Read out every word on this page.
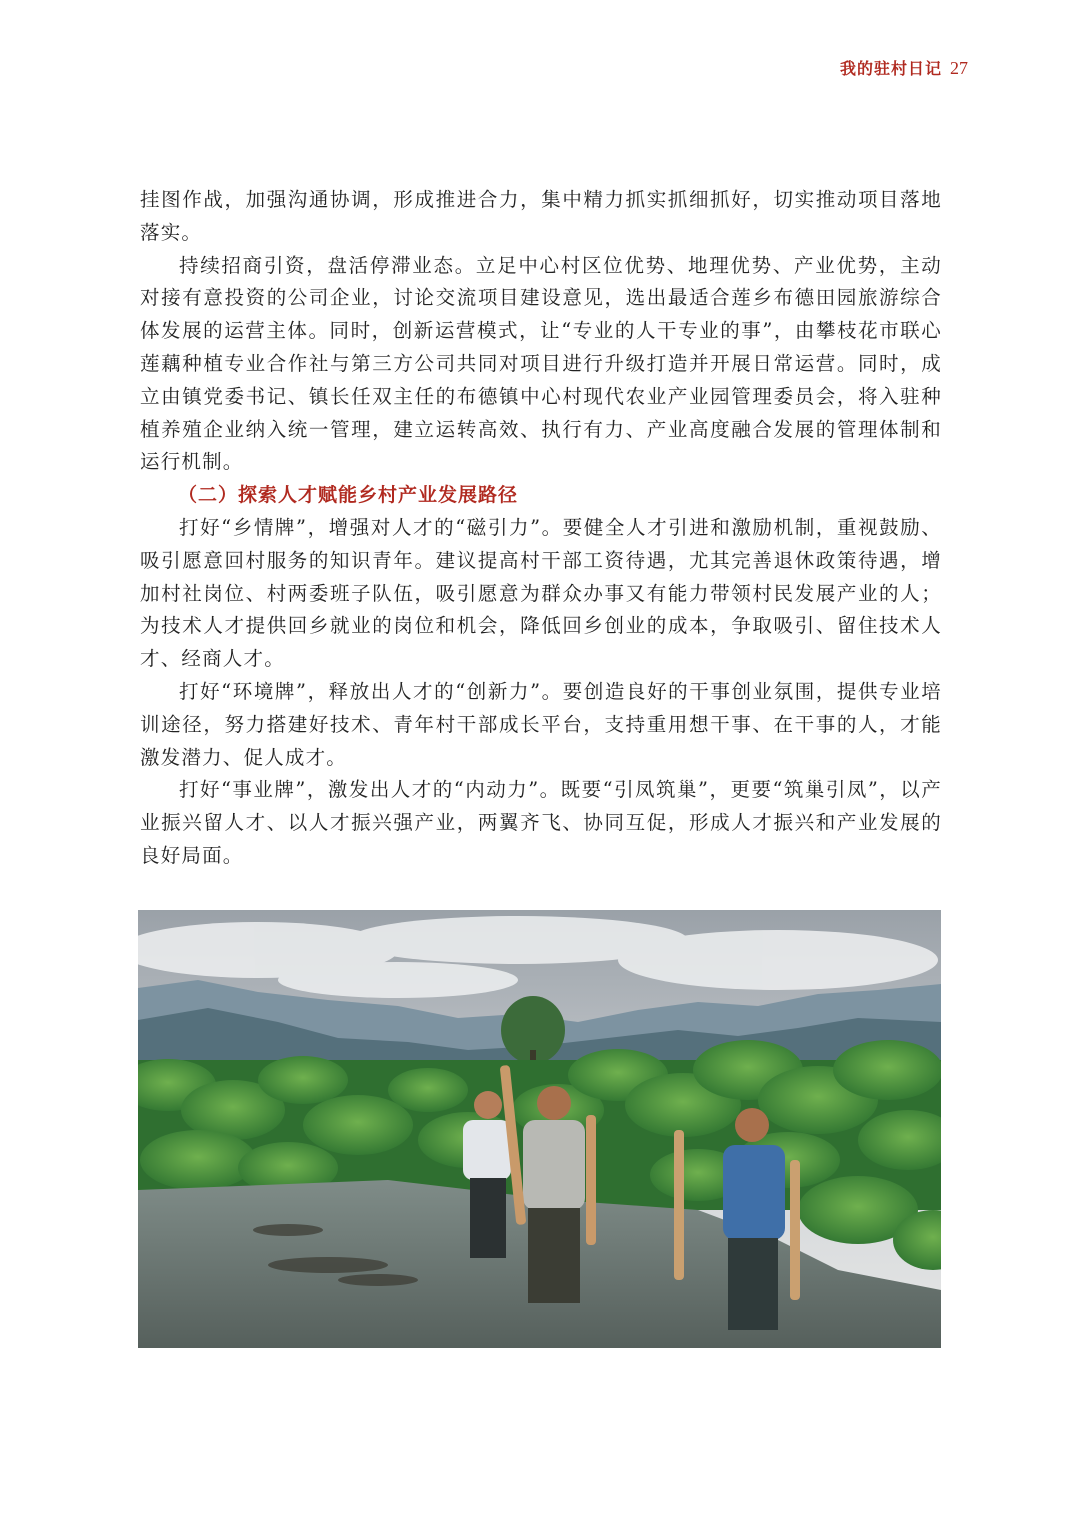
我的驻村日记 27

挂图作战，加强沟通协调，形成推进合力，集中精力抓实抓细抓好，切实推动项目落地落实。

持续招商引资，盘活停滞业态。立足中心村区位优势、地理优势、产业优势，主动对接有意投资的公司企业，讨论交流项目建设意见，选出最适合莲乡布德田园旅游综合体发展的运营主体。同时，创新运营模式，让“专业的人干专业的事”，由攀枝花市联心莲藕种植专业合作社与第三方公司共同对项目进行升级打造并开展日常运营。同时，成立由镇党委书记、镇长任双主任的布德镇中心村现代农业产业园管理委员会，将入驻种植养殖企业纳入统一管理，建立运转高效、执行有力、产业高度融合发展的管理体制和运行机制。

（二）探索人才赋能乡村产业发展路径

打好“乡情牌”，增强对人才的“磁引力”。要健全人才引进和激励机制，重视鼓励、吸引愿意回村服务的知识青年。建议提高村干部工资待遇，尤其完善退休政策待遇，增加村社岗位、村两委班子队伍，吸引愿意为群众办事又有能力带领村民发展产业的人；为技术人才提供回乡就业的岗位和机会，降低回乡创业的成本，争取吸引、留住技术人才、经商人才。

打好“环境牌”，释放出人才的“创新力”。要创造良好的干事创业氛围，提供专业培训途径，努力搭建好技术、青年村干部成长平台，支持重用想干事、在干事的人，才能激发潜力、促人成才。

打好“事业牌”，激发出人才的“内动力”。既要“引凤筑巢”，更要“筑巢引凤”，以产业振兴留人才、以人才振兴强产业，两翼齐飞、协同互促，形成人才振兴和产业发展的良好局面。
